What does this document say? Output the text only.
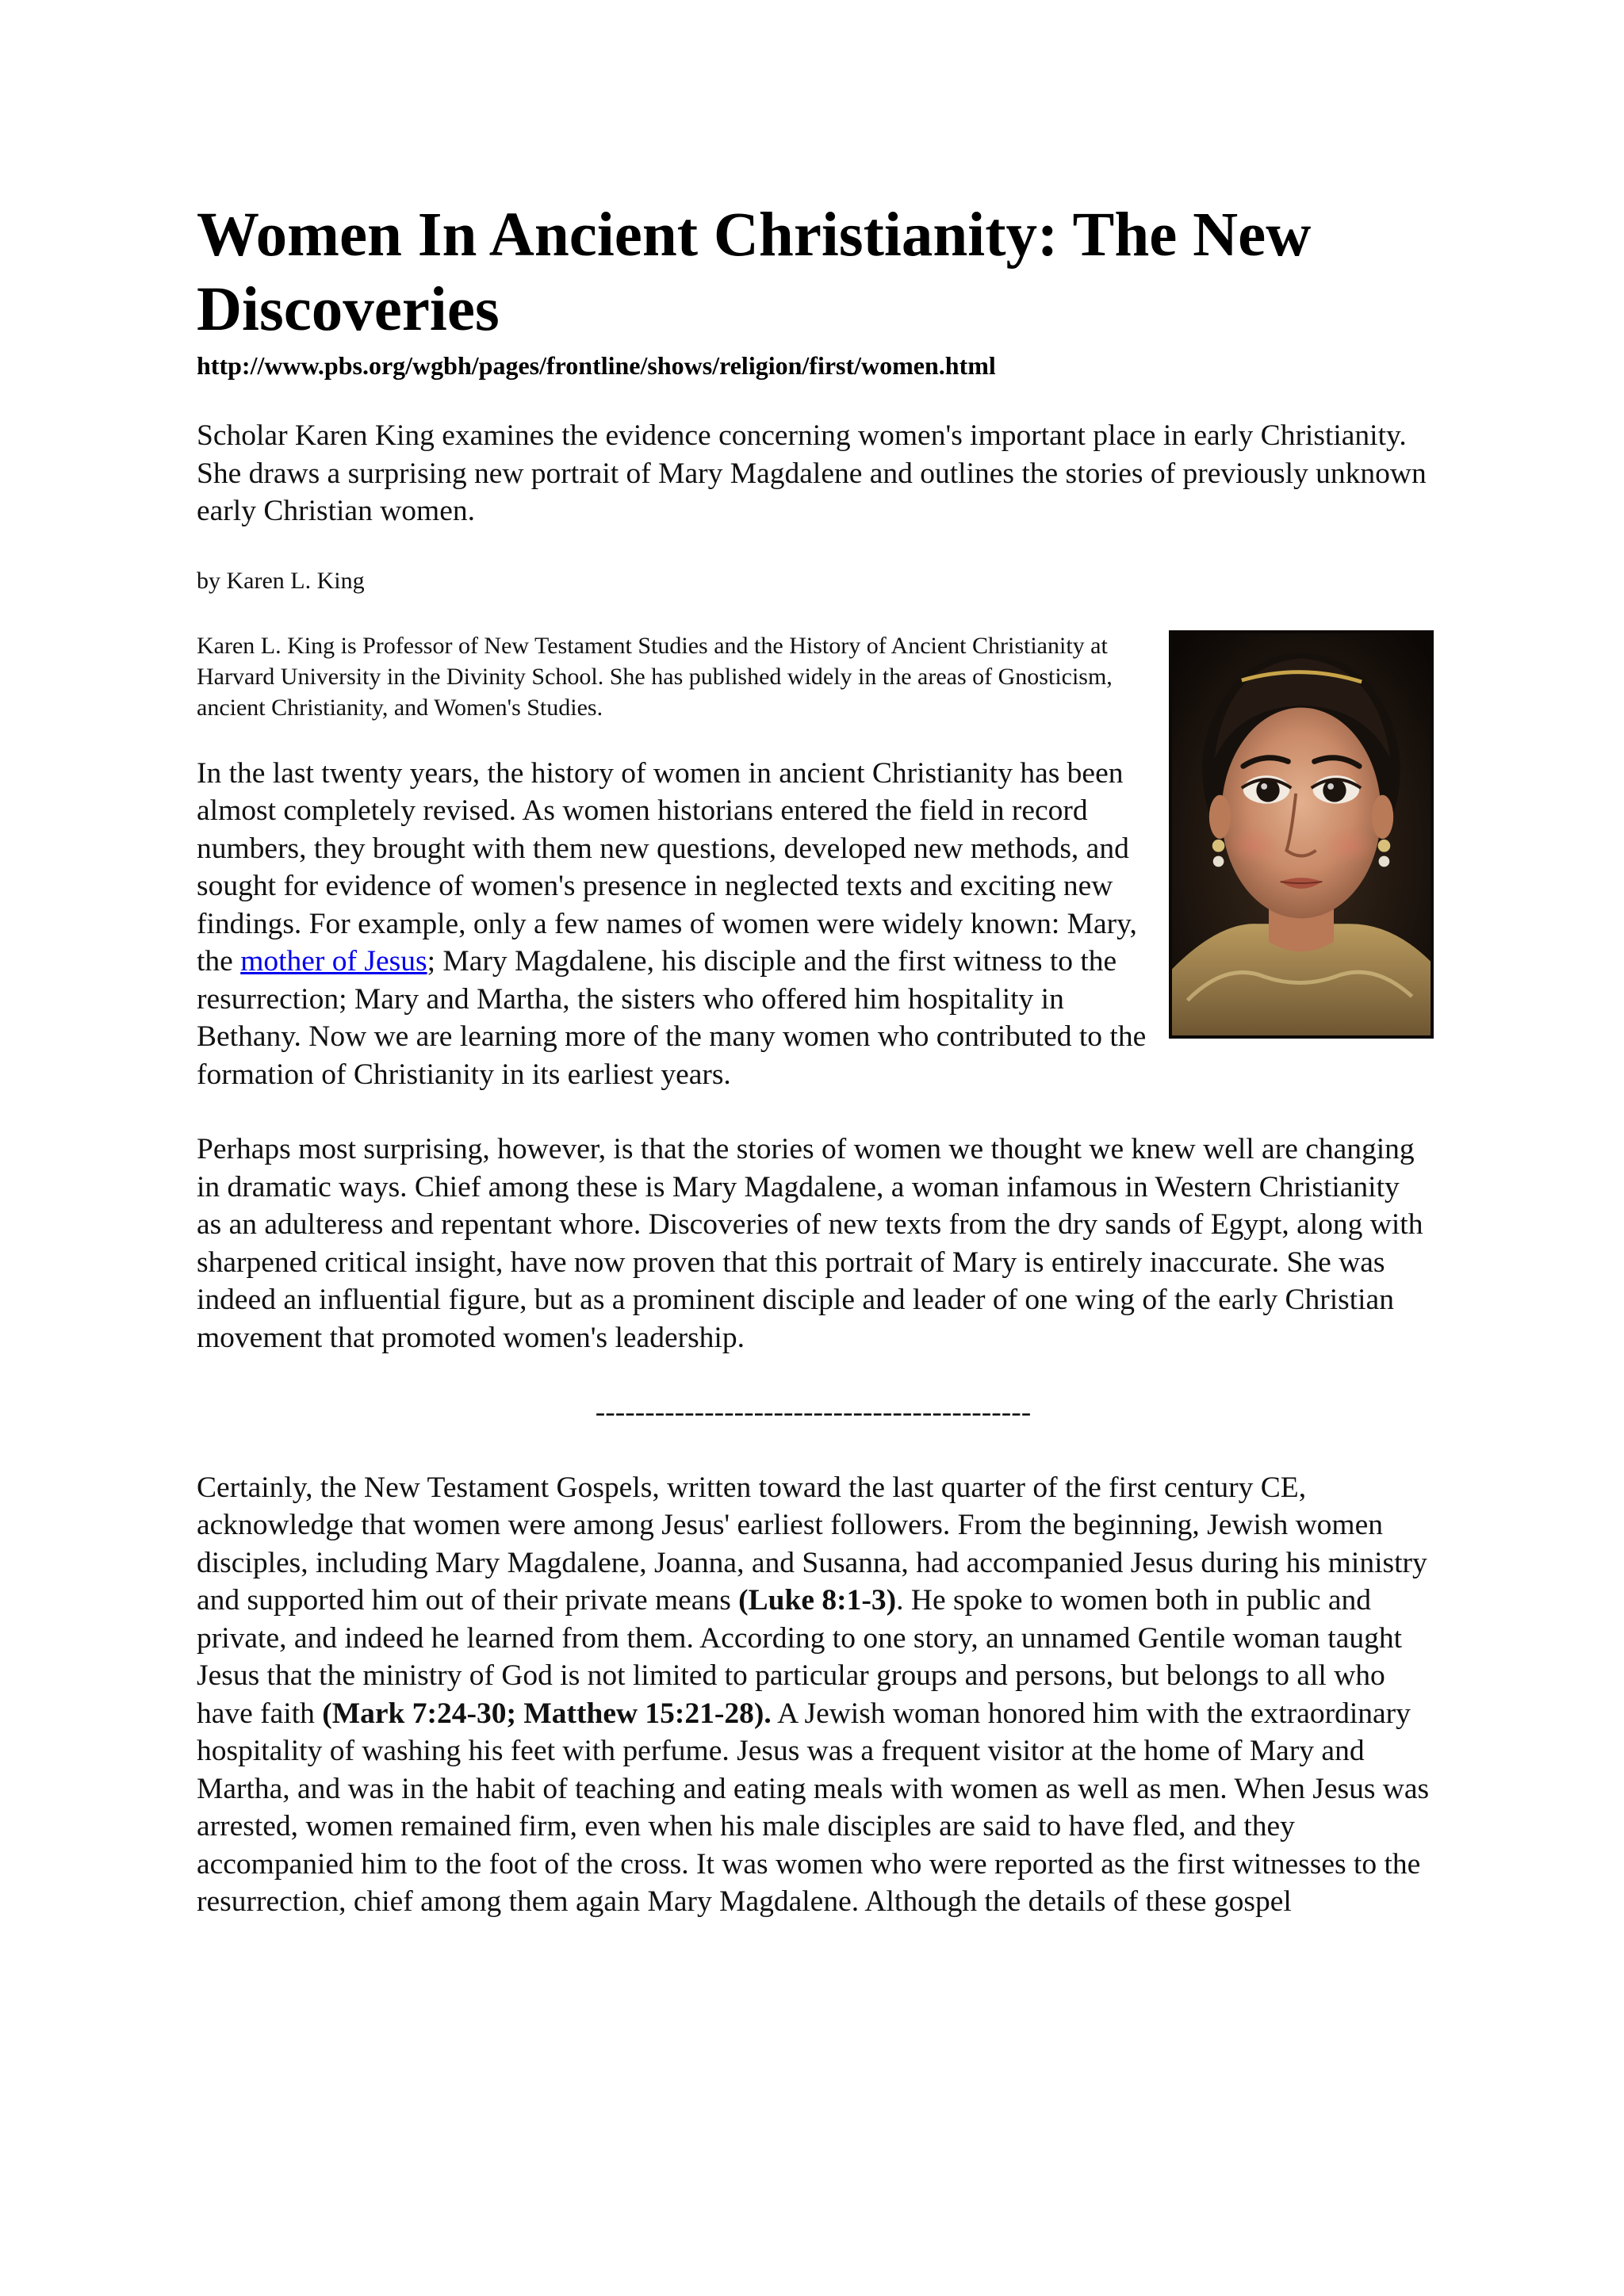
Women In Ancient Christianity: The New Discoveries
http://www.pbs.org/wgbh/pages/frontline/shows/religion/first/women.html

Scholar Karen King examines the evidence concerning women's important place in early Christianity. She draws a surprising new portrait of Mary Magdalene and outlines the stories of previously unknown early Christian women.

by Karen L. King

Karen L. King is Professor of New Testament Studies and the History of Ancient Christianity at Harvard University in the Divinity School. She has published widely in the areas of Gnosticism, ancient Christianity, and Women's Studies.

In the last twenty years, the history of women in ancient Christianity has been almost completely revised. As women historians entered the field in record numbers, they brought with them new questions, developed new methods, and sought for evidence of women's presence in neglected texts and exciting new findings. For example, only a few names of women were widely known: Mary, the mother of Jesus; Mary Magdalene, his disciple and the first witness to the resurrection; Mary and Martha, the sisters who offered him hospitality in Bethany. Now we are learning more of the many women who contributed to the formation of Christianity in its earliest years.

Perhaps most surprising, however, is that the stories of women we thought we knew well are changing in dramatic ways. Chief among these is Mary Magdalene, a woman infamous in Western Christianity as an adulteress and repentant whore. Discoveries of new texts from the dry sands of Egypt, along with sharpened critical insight, have now proven that this portrait of Mary is entirely inaccurate. She was indeed an influential figure, but as a prominent disciple and leader of one wing of the early Christian movement that promoted women's leadership.

--------------------------------------------

Certainly, the New Testament Gospels, written toward the last quarter of the first century CE, acknowledge that women were among Jesus' earliest followers. From the beginning, Jewish women disciples, including Mary Magdalene, Joanna, and Susanna, had accompanied Jesus during his ministry and supported him out of their private means (Luke 8:1-3). He spoke to women both in public and private, and indeed he learned from them. According to one story, an unnamed Gentile woman taught Jesus that the ministry of God is not limited to particular groups and persons, but belongs to all who have faith (Mark 7:24-30; Matthew 15:21-28). A Jewish woman honored him with the extraordinary hospitality of washing his feet with perfume. Jesus was a frequent visitor at the home of Mary and Martha, and was in the habit of teaching and eating meals with women as well as men. When Jesus was arrested, women remained firm, even when his male disciples are said to have fled, and they accompanied him to the foot of the cross. It was women who were reported as the first witnesses to the resurrection, chief among them again Mary Magdalene. Although the details of these gospel
